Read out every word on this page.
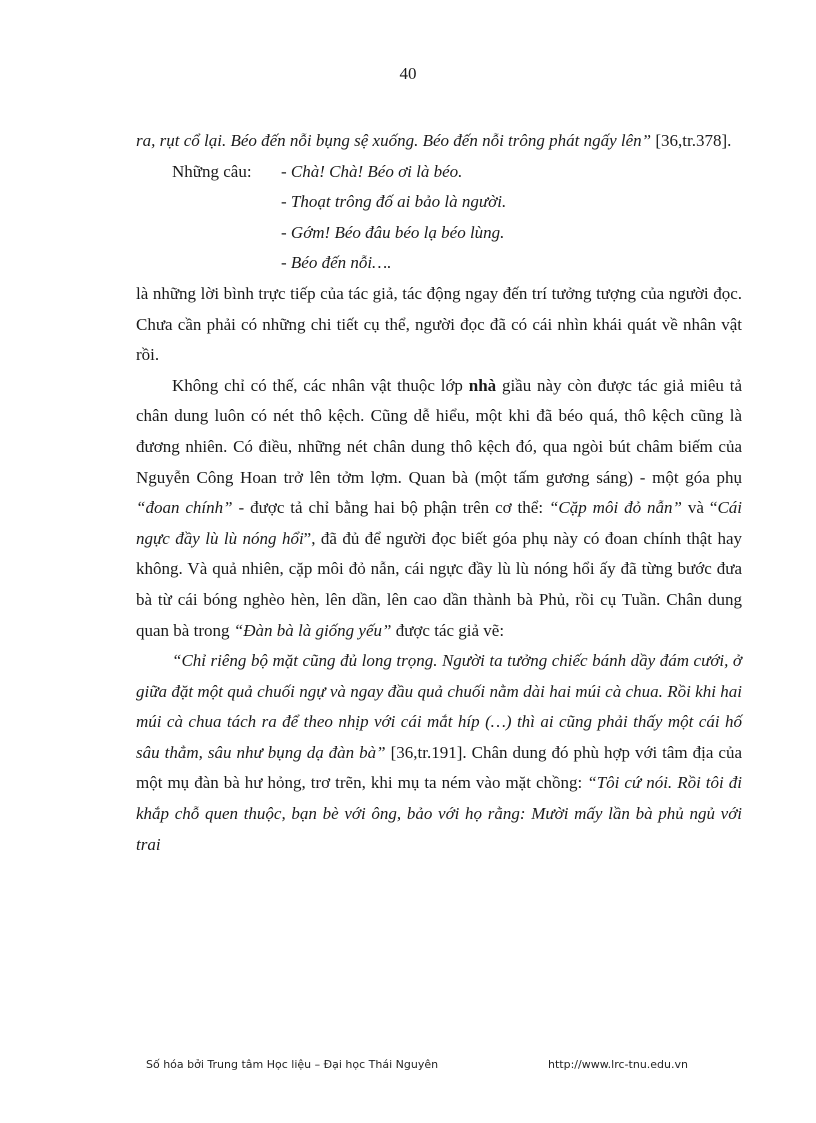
40

ra, rụt cổ lại. Béo đến nỗi bụng sệ xuống. Béo đến nỗi trông phát ngấy lên” [36,tr.378].

Những câu:	- Chà! Chà! Béo ơi là béo.
- Thoạt trông đố ai bảo là người.
- Gớm! Béo đâu béo lạ béo lùng.
- Béo đến nỗi….

là những lời bình trực tiếp của tác giả, tác động ngay đến trí tưởng tượng của người đọc. Chưa cần phải có những chi tiết cụ thể, người đọc đã có cái nhìn khái quát về nhân vật rồi.

Không chỉ có thế, các nhân vật thuộc lớp nhà giầu này còn được tác giả miêu tả chân dung luôn có nét thô kệch. Cũng dễ hiểu, một khi đã béo quá, thô kệch cũng là đương nhiên. Có điều, những nét chân dung thô kệch đó, qua ngòi bút châm biếm của Nguyễn Công Hoan trở lên tởm lợm. Quan bà (một tấm gương sáng) - một góa phụ “đoan chính” - được tả chỉ bằng hai bộ phận trên cơ thể: “Cặp môi đỏ nẫn” và “Cái ngực đầy lù lù nóng hổi”, đã đủ để người đọc biết góa phụ này có đoan chính thật hay không. Và quả nhiên, cặp môi đỏ nẫn, cái ngực đầy lù lù nóng hổi ấy đã từng bước đưa bà từ cái bóng nghèo hèn, lên dần, lên cao dần thành bà Phủ, rồi cụ Tuần. Chân dung quan bà trong “Đàn bà là giống yếu” được tác giả vẽ:

“Chỉ riêng bộ mặt cũng đủ long trọng. Người ta tưởng chiếc bánh dầy đám cưới, ở giữa đặt một quả chuối ngự và ngay đầu quả chuối nằm dài hai múi cà chua. Rồi khi hai múi cà chua tách ra để theo nhịp với cái mắt híp (…) thì ai cũng phải thấy một cái hố sâu thẳm, sâu như bụng dạ đàn bà” [36,tr.191]. Chân dung đó phù hợp với tâm địa của một mụ đàn bà hư hỏng, trơ trẽn, khi mụ ta ném vào mặt chồng: “Tôi cứ nói. Rồi tôi đi khắp chỗ quen thuộc, bạn bè với ông, bảo với họ rằng: Mười mấy lần bà phủ ngủ với trai

Số hóa bởi Trung tâm Học liệu – Đại học Thái Nguyên	http://www.lrc-tnu.edu.vn
